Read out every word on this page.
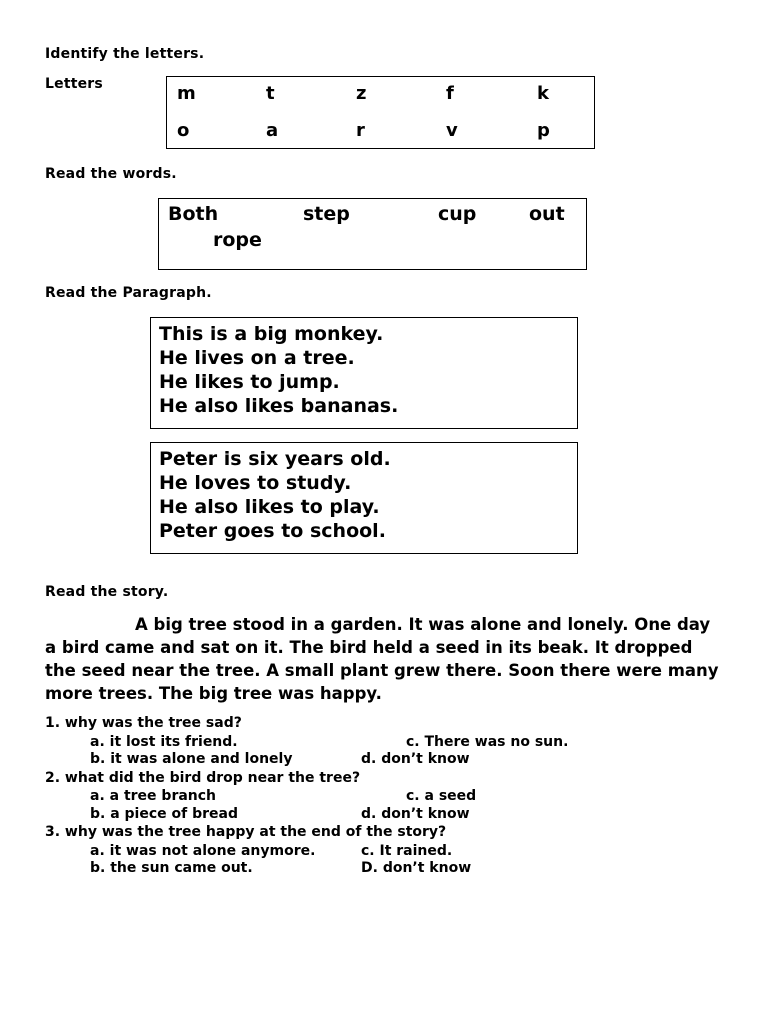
Identify the letters.
Letters	m	t	z	f	k
o	a	r	v	p
Read the words.
Both	step	cup	out
rope
Read the Paragraph.
This is a big monkey.
He lives on a tree.
He likes to jump.
He also likes bananas.
Peter is six years old.
He loves to study.
He also likes to play.
Peter goes to school.
Read the story.
A big tree stood in a garden. It was alone and lonely. One day a bird came and sat on it. The bird held a seed in its beak. It dropped the seed near the tree. A small plant grew there. Soon there were many more trees. The big tree was happy.
1. why was the tree sad?
a. it lost its friend.	c. There was no sun.
b. it was alone and lonely	d. don’t know
2. what did the bird drop near the tree?
a. a tree branch	c. a seed
b. a piece of bread	d. don’t know
3. why was the tree happy at the end of the story?
a. it was not alone anymore.	c. It rained.
b. the sun came out.	D. don’t know
